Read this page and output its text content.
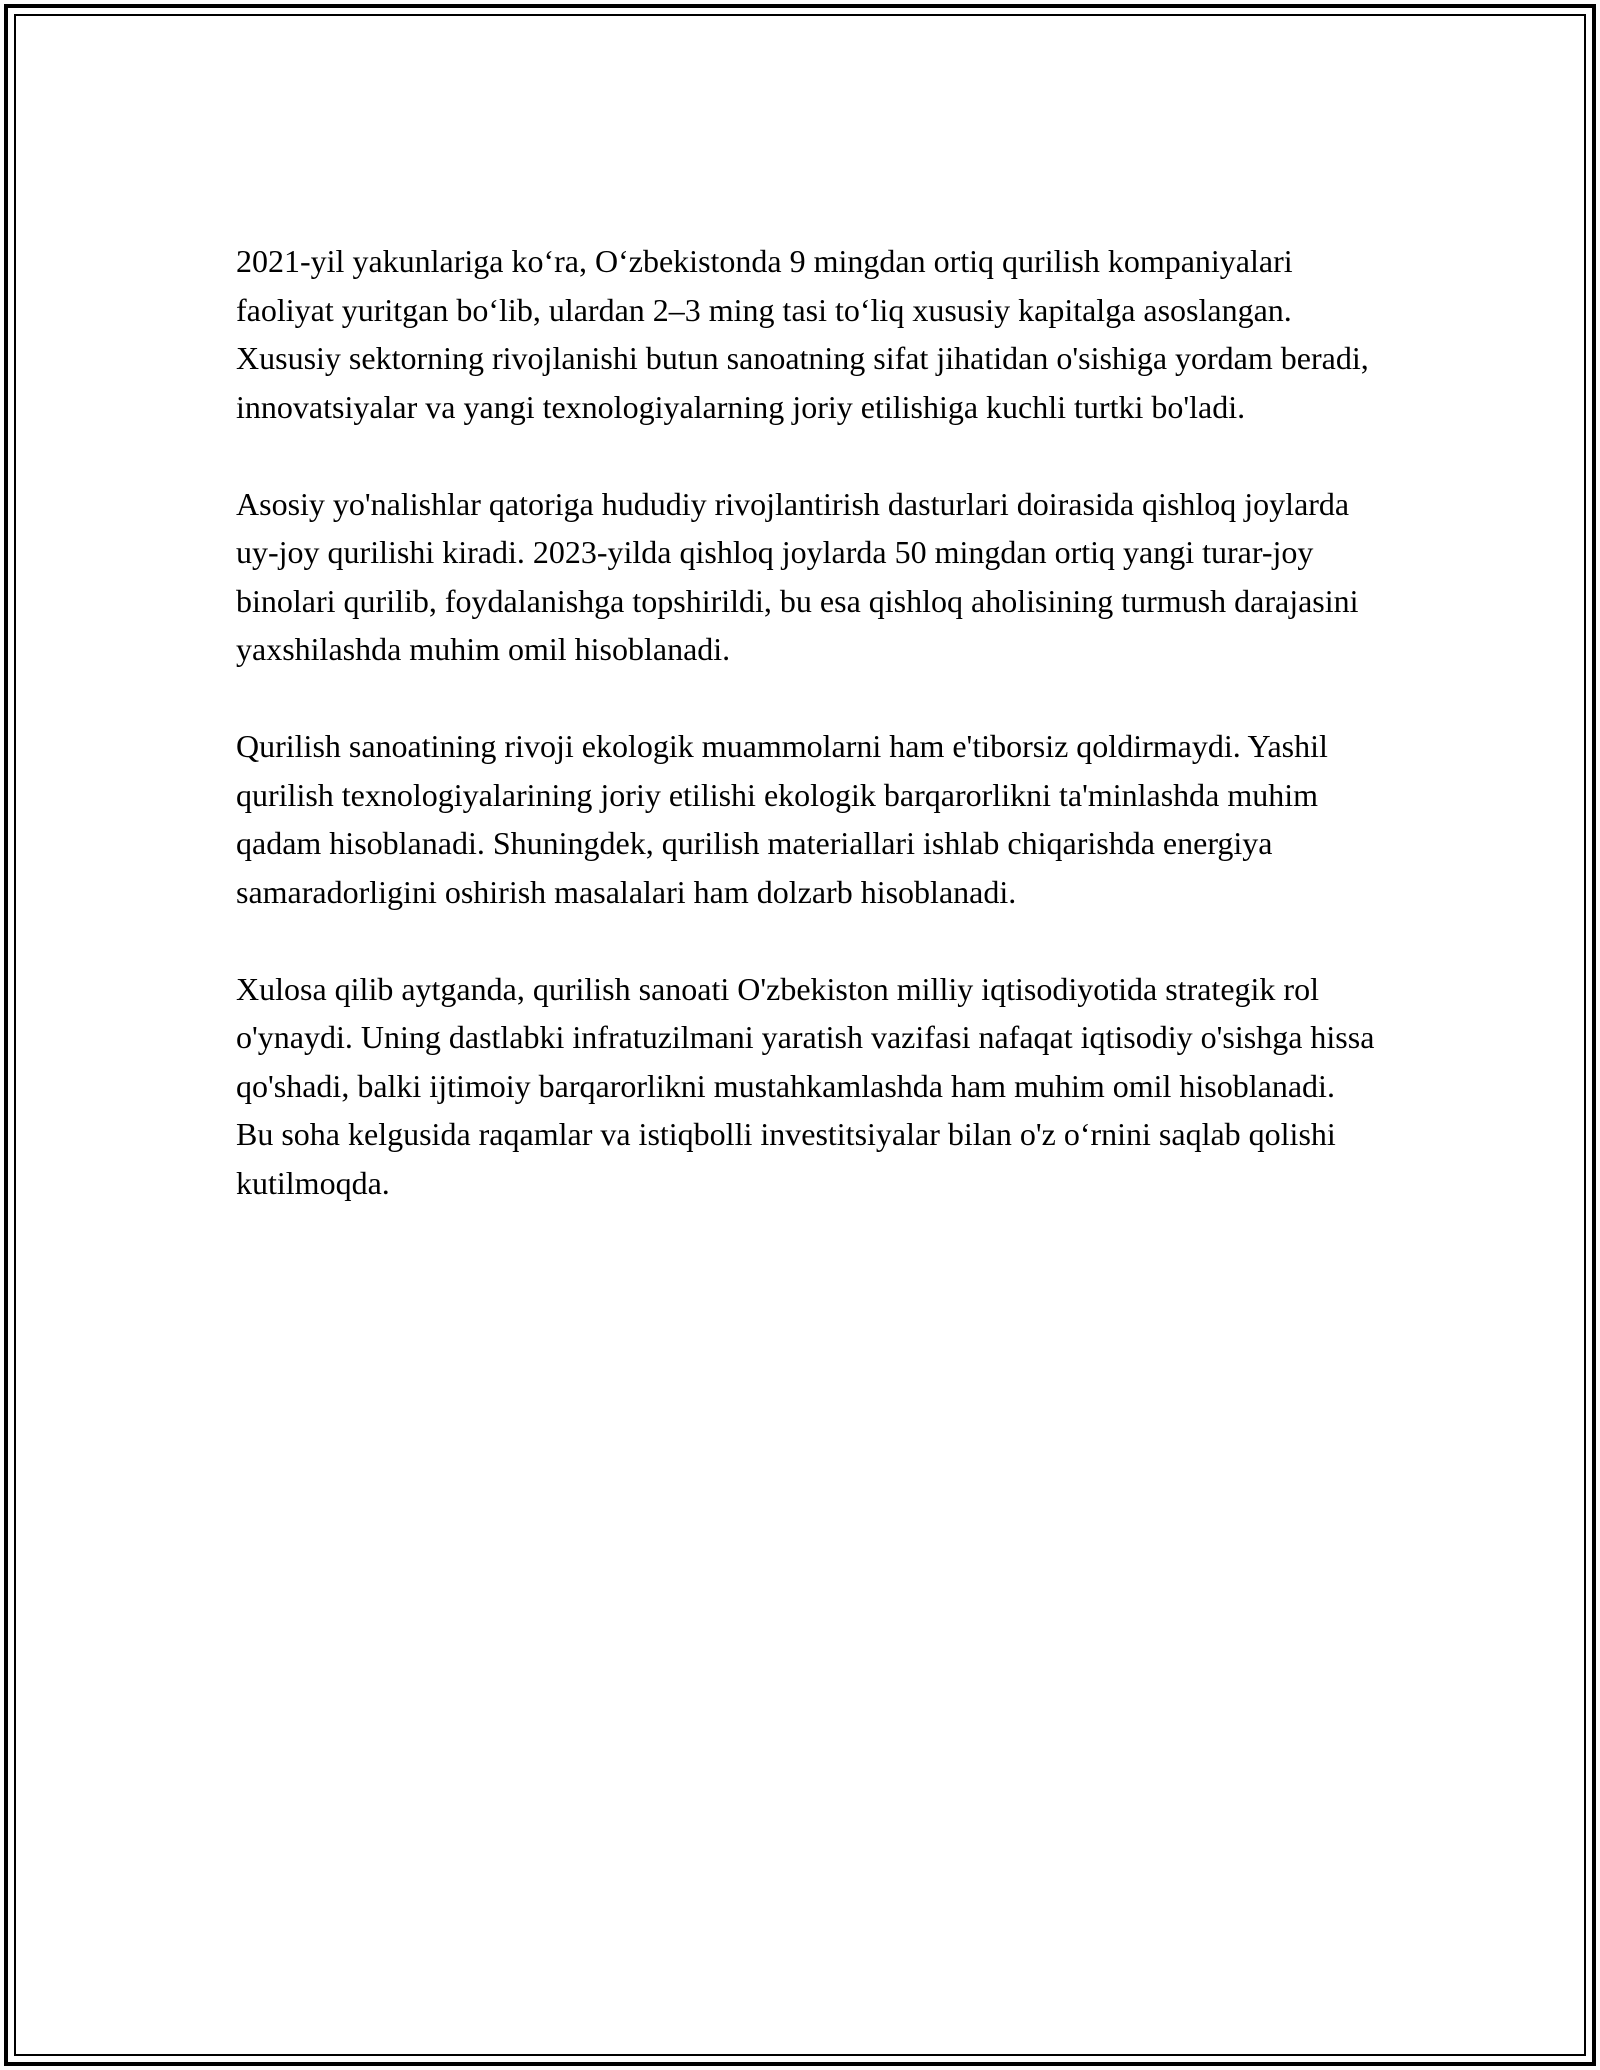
2021-yil yakunlariga ko‘ra, O‘zbekistonda 9 mingdan ortiq qurilish kompaniyalari faoliyat yuritgan bo‘lib, ulardan 2–3 ming tasi to‘liq xususiy kapitalga asoslangan. Xususiy sektorning rivojlanishi butun sanoatning sifat jihatidan o'sishiga yordam beradi, innovatsiyalar va yangi texnologiyalarning joriy etilishiga kuchli turtki bo'ladi.

Asosiy yo'nalishlar qatoriga hududiy rivojlantirish dasturlari doirasida qishloq joylarda uy-joy qurilishi kiradi. 2023-yilda qishloq joylarda 50 mingdan ortiq yangi turar-joy binolari qurilib, foydalanishga topshirildi, bu esa qishloq aholisining turmush darajasini yaxshilashda muhim omil hisoblanadi.

Qurilish sanoatining rivoji ekologik muammolarni ham e'tiborsiz qoldirmaydi. Yashil qurilish texnologiyalarining joriy etilishi ekologik barqarorlikni ta'minlashda muhim qadam hisoblanadi. Shuningdek, qurilish materiallari ishlab chiqarishda energiya samaradorligini oshirish masalalari ham dolzarb hisoblanadi.

Xulosa qilib aytganda, qurilish sanoati O'zbekiston milliy iqtisodiyotida strategik rol o'ynaydi. Uning dastlabki infratuzilmani yaratish vazifasi nafaqat iqtisodiy o'sishga hissa qo'shadi, balki ijtimoiy barqarorlikni mustahkamlashda ham muhim omil hisoblanadi. Bu soha kelgusida raqamlar va istiqbolli investitsiyalar bilan o'z o‘rnini saqlab qolishi kutilmoqda.
